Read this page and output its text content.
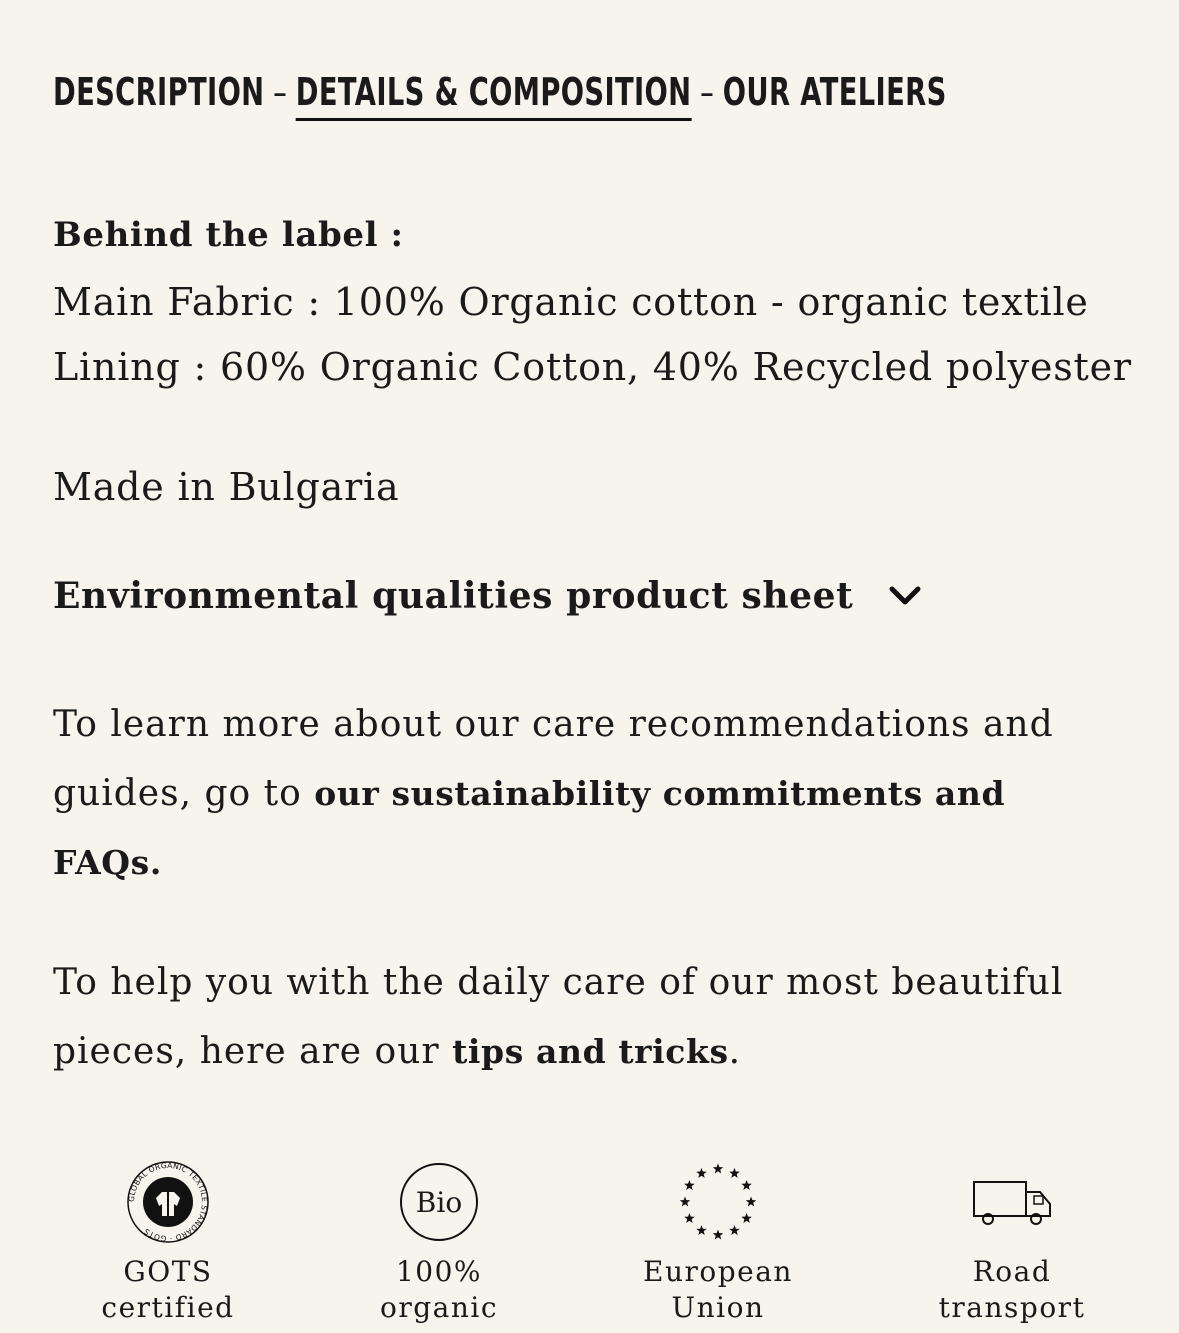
DESCRIPTION – DETAILS & COMPOSITION – OUR ATELIERS
Behind the label :
Main Fabric : 100% Organic cotton - organic textile
Lining : 60% Organic Cotton, 40% Recycled polyester
Made in Bulgaria
Environmental qualities product sheet
To learn more about our care recommendations and guides, go to our sustainability commitments and FAQs.
To help you with the daily care of our most beautiful pieces, here are our tips and tricks.
GLOBAL ORGANIC TEXTILE STANDARD · GOTS
GOTS
certified
Bio
100%
organic
European
Union
Road
transport
